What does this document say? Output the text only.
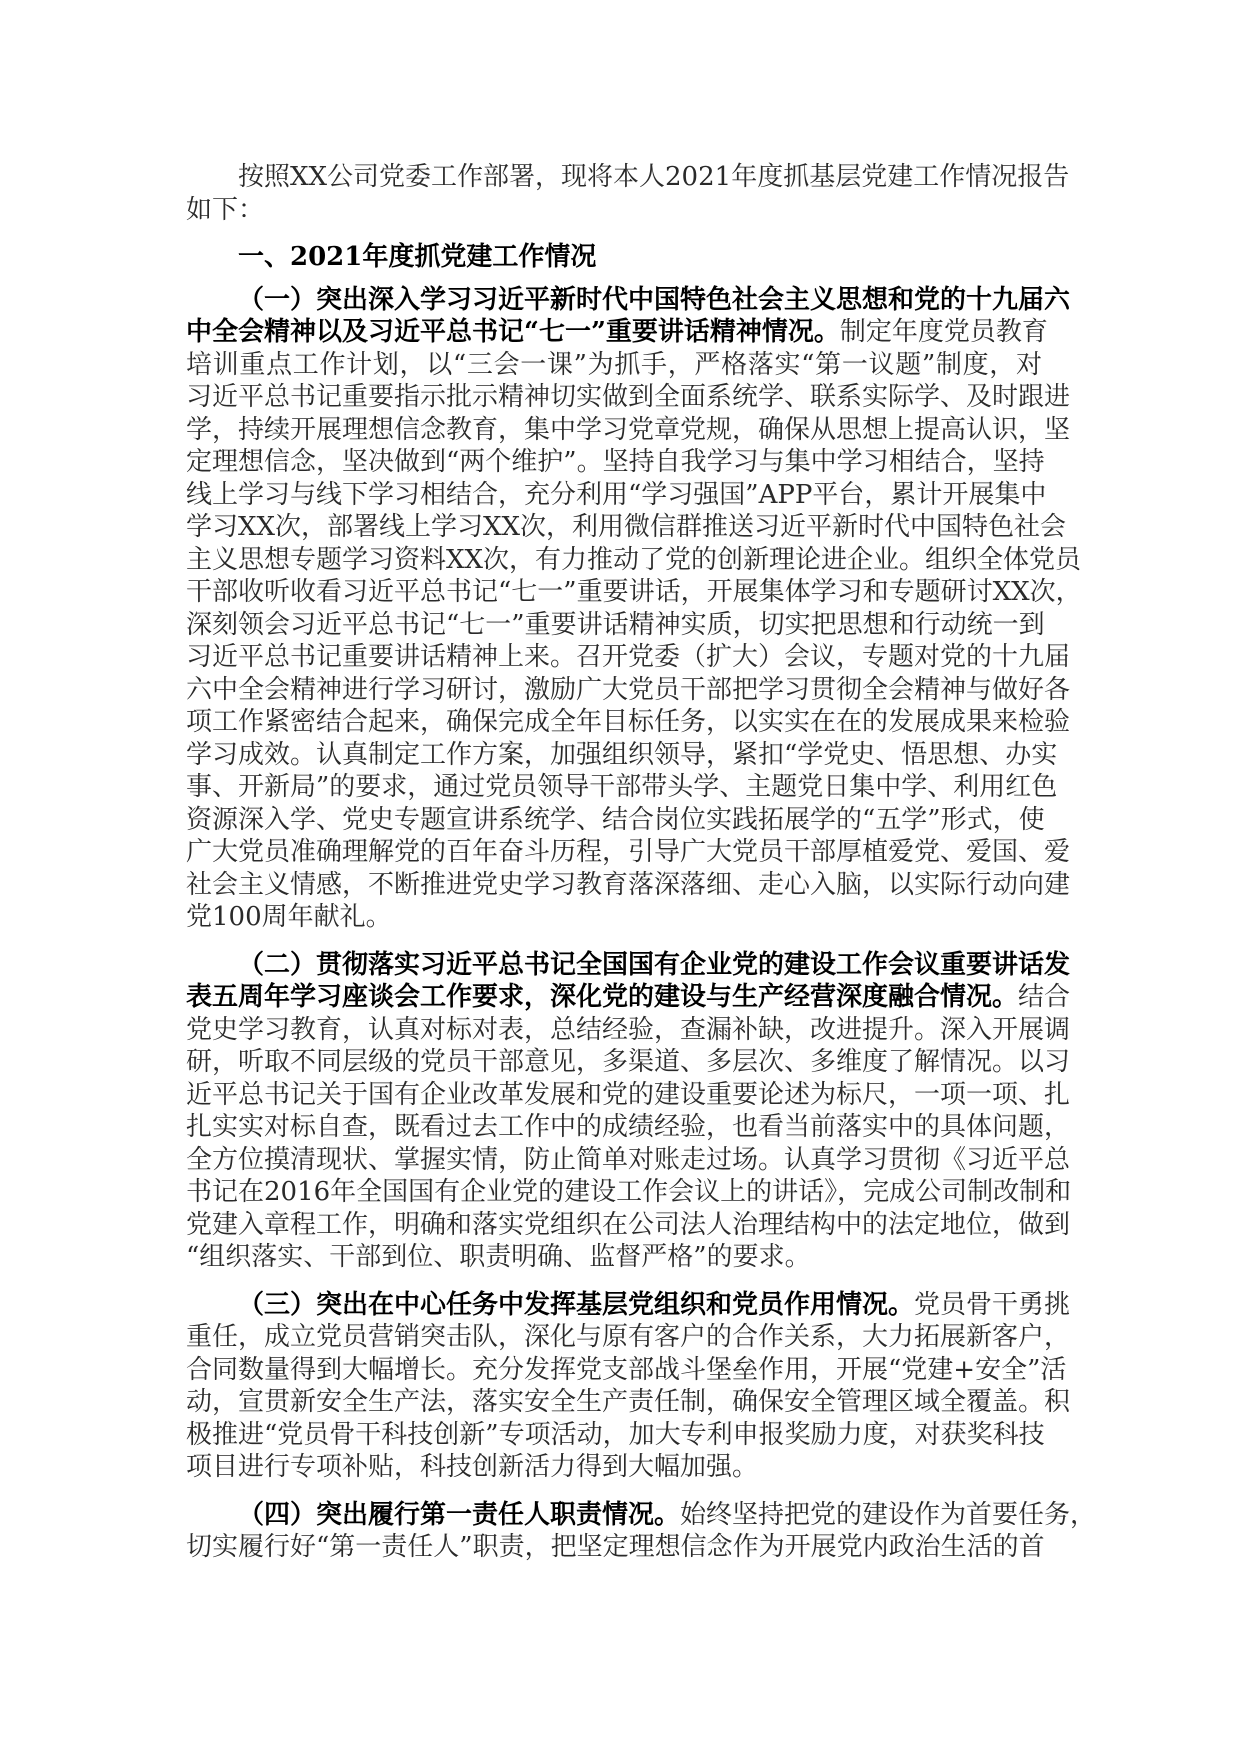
按照XX公司党委工作部署，现将本人2021年度抓基层党建工作情况报告
如下：
一、2021年度抓党建工作情况
（一）突出深入学习习近平新时代中国特色社会主义思想和党的十九届六
中全会精神以及习近平总书记“七一”重要讲话精神情况。制定年度党员教育
培训重点工作计划，以“三会一课”为抓手，严格落实“第一议题”制度，对
习近平总书记重要指示批示精神切实做到全面系统学、联系实际学、及时跟进
学，持续开展理想信念教育，集中学习党章党规，确保从思想上提高认识，坚
定理想信念，坚决做到“两个维护”。坚持自我学习与集中学习相结合，坚持
线上学习与线下学习相结合，充分利用“学习强国”APP平台，累计开展集中
学习XX次，部署线上学习XX次，利用微信群推送习近平新时代中国特色社会
主义思想专题学习资料XX次，有力推动了党的创新理论进企业。组织全体党员
干部收听收看习近平总书记“七一”重要讲话，开展集体学习和专题研讨XX次，
深刻领会习近平总书记“七一”重要讲话精神实质，切实把思想和行动统一到
习近平总书记重要讲话精神上来。召开党委（扩大）会议，专题对党的十九届
六中全会精神进行学习研讨，激励广大党员干部把学习贯彻全会精神与做好各
项工作紧密结合起来，确保完成全年目标任务，以实实在在的发展成果来检验
学习成效。认真制定工作方案，加强组织领导，紧扣“学党史、悟思想、办实
事、开新局”的要求，通过党员领导干部带头学、主题党日集中学、利用红色
资源深入学、党史专题宣讲系统学、结合岗位实践拓展学的“五学”形式，使
广大党员准确理解党的百年奋斗历程，引导广大党员干部厚植爱党、爱国、爱
社会主义情感，不断推进党史学习教育落深落细、走心入脑，以实际行动向建
党100周年献礼。
（二）贯彻落实习近平总书记全国国有企业党的建设工作会议重要讲话发
表五周年学习座谈会工作要求，深化党的建设与生产经营深度融合情况。结合
党史学习教育，认真对标对表，总结经验，查漏补缺，改进提升。深入开展调
研，听取不同层级的党员干部意见，多渠道、多层次、多维度了解情况。以习
近平总书记关于国有企业改革发展和党的建设重要论述为标尺，一项一项、扎
扎实实对标自查，既看过去工作中的成绩经验，也看当前落实中的具体问题，
全方位摸清现状、掌握实情，防止简单对账走过场。认真学习贯彻《习近平总
书记在2016年全国国有企业党的建设工作会议上的讲话》，完成公司制改制和
党建入章程工作，明确和落实党组织在公司法人治理结构中的法定地位，做到
“组织落实、干部到位、职责明确、监督严格”的要求。
（三）突出在中心任务中发挥基层党组织和党员作用情况。党员骨干勇挑
重任，成立党员营销突击队，深化与原有客户的合作关系，大力拓展新客户，
合同数量得到大幅增长。充分发挥党支部战斗堡垒作用，开展“党建+安全”活
动，宣贯新安全生产法，落实安全生产责任制，确保安全管理区域全覆盖。积
极推进“党员骨干科技创新”专项活动，加大专利申报奖励力度，对获奖科技
项目进行专项补贴，科技创新活力得到大幅加强。
（四）突出履行第一责任人职责情况。始终坚持把党的建设作为首要任务，
切实履行好“第一责任人”职责，把坚定理想信念作为开展党内政治生活的首
